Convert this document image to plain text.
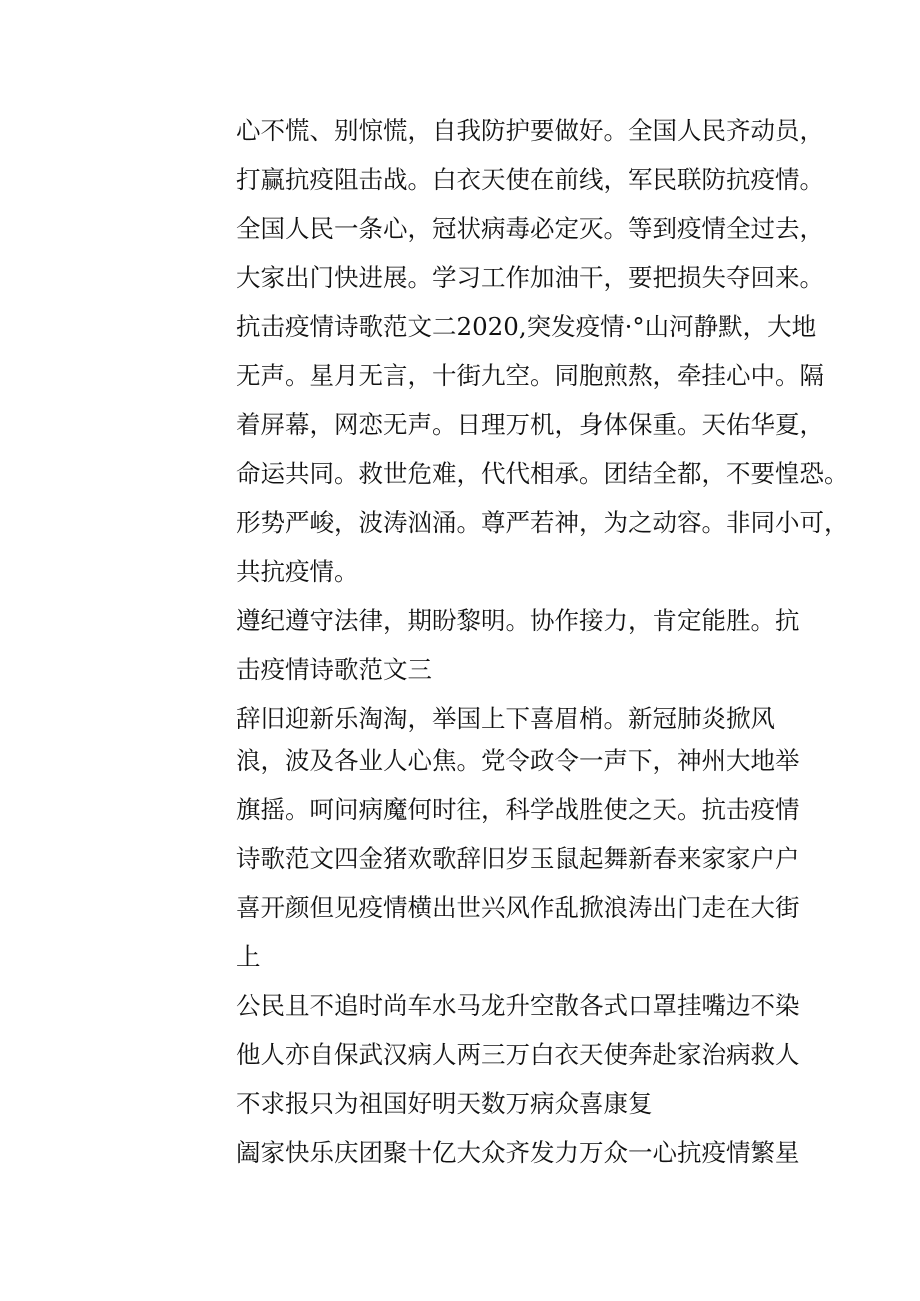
心不慌、别惊慌，自我防护要做好。全国人民齐动员，

打赢抗疫阻击战。白衣天使在前线，军民联防抗疫情。

全国人民一条心，冠状病毒必定灭。等到疫情全过去，

大家出门快进展。学习工作加油干，要把损失夺回来。

抗击疫情诗歌范文二2020,突发疫情·°山河静默，大地

无声。星月无言，十街九空。同胞煎熬，牵挂心中。隔

着屏幕，网恋无声。日理万机，身体保重。天佑华夏，

命运共同。救世危难，代代相承。团结全都，不要惶恐。

形势严峻，波涛汹涌。尊严若神，为之动容。非同小可，

共抗疫情。

遵纪遵守法律，期盼黎明。协作接力，肯定能胜。抗

击疫情诗歌范文三

辞旧迎新乐淘淘，举国上下喜眉梢。新冠肺炎掀风

浪，波及各业人心焦。党令政令一声下，神州大地举

旗摇。呵问病魔何时往，科学战胜使之天。抗击疫情

诗歌范文四金猪欢歌辞旧岁玉鼠起舞新春来家家户户

喜开颜但见疫情横出世兴风作乱掀浪涛出门走在大街

上

公民且不追时尚车水马龙升空散各式口罩挂嘴边不染

他人亦自保武汉病人两三万白衣天使奔赴家治病救人

不求报只为祖国好明天数万病众喜康复

阖家快乐庆团聚十亿大众齐发力万众一心抗疫情繁星
